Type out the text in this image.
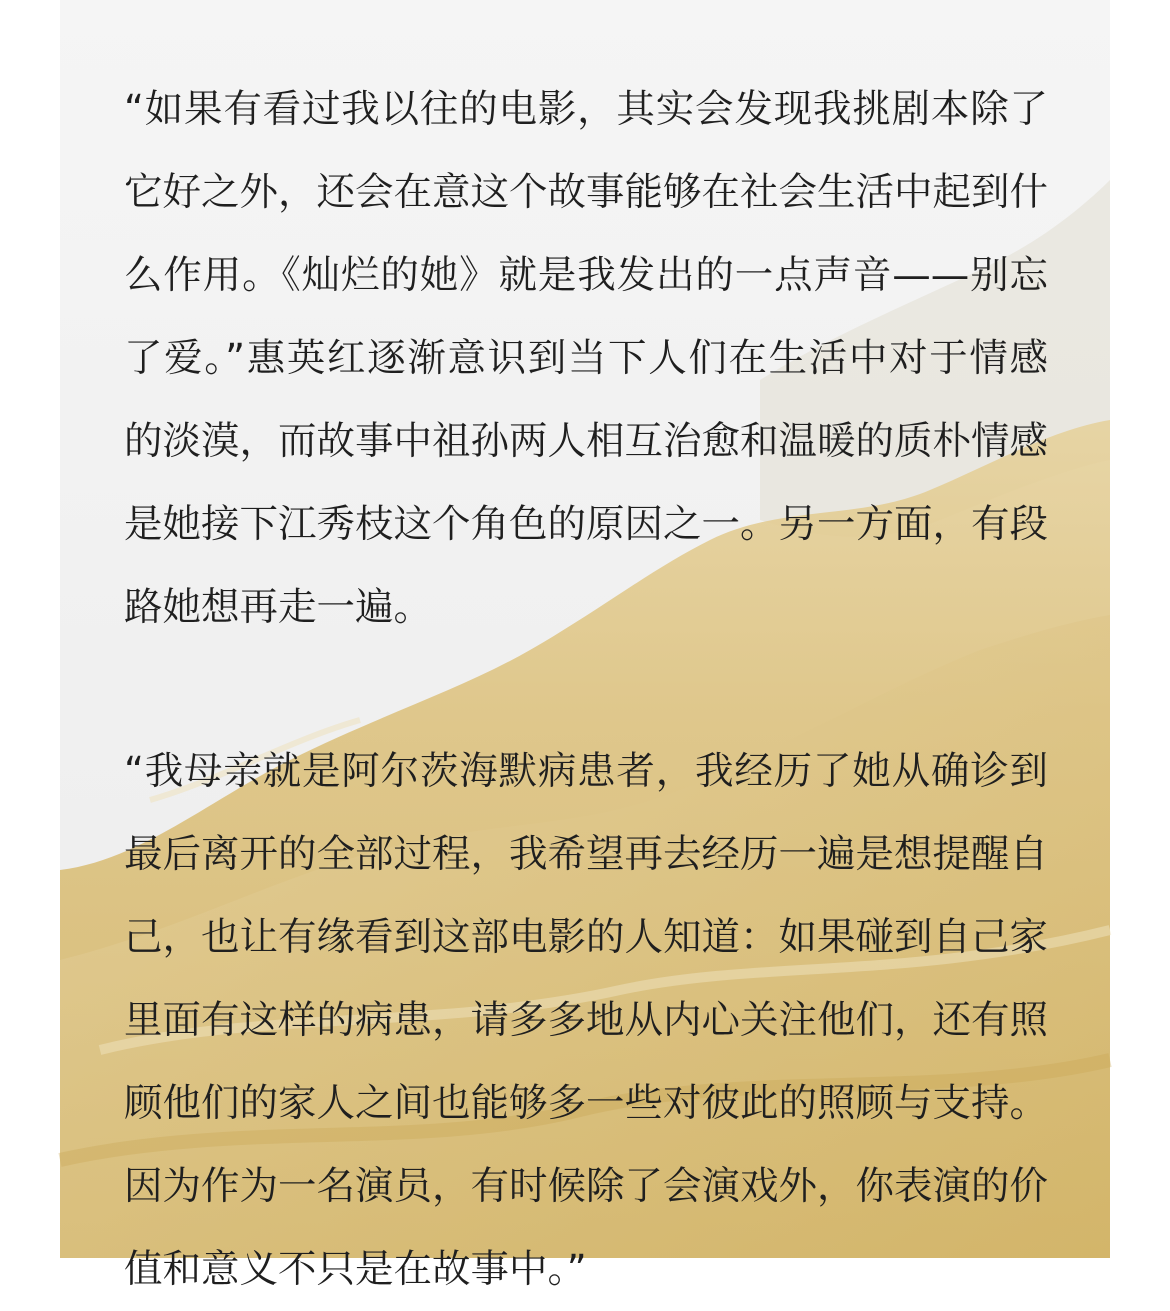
“如果有看过我以往的电影，其实会发现我挑剧本除了它好之外，还会在意这个故事能够在社会生活中起到什么作用。《灿烂的她》就是我发出的一点声音——别忘了爱。”惠英红逐渐意识到当下人们在生活中对于情感的淡漠，而故事中祖孙两人相互治愈和温暖的质朴情感是她接下江秀枝这个角色的原因之一。另一方面，有段路她想再走一遍。
“我母亲就是阿尔茨海默病患者，我经历了她从确诊到最后离开的全部过程，我希望再去经历一遍是想提醒自己，也让有缘看到这部电影的人知道：如果碰到自己家里面有这样的病患，请多多地从内心关注他们，还有照顾他们的家人之间也能够多一些对彼此的照顾与支持。因为作为一名演员，有时候除了会演戏外，你表演的价值和意义不只是在故事中。”
